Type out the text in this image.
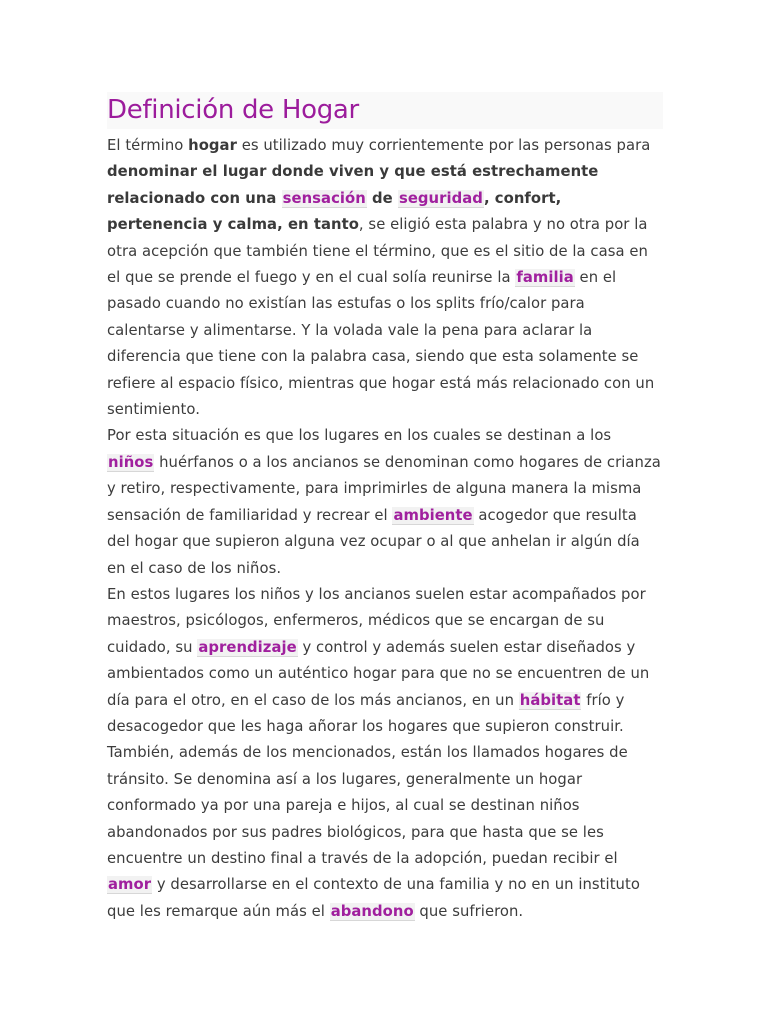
Definición de Hogar

El término hogar es utilizado muy corrientemente por las personas para denominar el lugar donde viven y que está estrechamente relacionado con una sensación de seguridad, confort, pertenencia y calma, en tanto, se eligió esta palabra y no otra por la otra acepción que también tiene el término, que es el sitio de la casa en el que se prende el fuego y en el cual solía reunirse la familia en el pasado cuando no existían las estufas o los splits frío/calor para calentarse y alimentarse. Y la volada vale la pena para aclarar la diferencia que tiene con la palabra casa, siendo que esta solamente se refiere al espacio físico, mientras que hogar está más relacionado con un sentimiento.

Por esta situación es que los lugares en los cuales se destinan a los niños huérfanos o a los ancianos se denominan como hogares de crianza y retiro, respectivamente, para imprimirles de alguna manera la misma sensación de familiaridad y recrear el ambiente acogedor que resulta del hogar que supieron alguna vez ocupar o al que anhelan ir algún día en el caso de los niños.

En estos lugares los niños y los ancianos suelen estar acompañados por maestros, psicólogos, enfermeros, médicos que se encargan de su cuidado, su aprendizaje y control y además suelen estar diseñados y ambientados como un auténtico hogar para que no se encuentren de un día para el otro, en el caso de los más ancianos, en un hábitat frío y desacogedor que les haga añorar los hogares que supieron construir.

También, además de los mencionados, están los llamados hogares de tránsito. Se denomina así a los lugares, generalmente un hogar conformado ya por una pareja e hijos, al cual se destinan niños abandonados por sus padres biológicos, para que hasta que se les encuentre un destino final a través de la adopción, puedan recibir el amor y desarrollarse en el contexto de una familia y no en un instituto que les remarque aún más el abandono que sufrieron.
